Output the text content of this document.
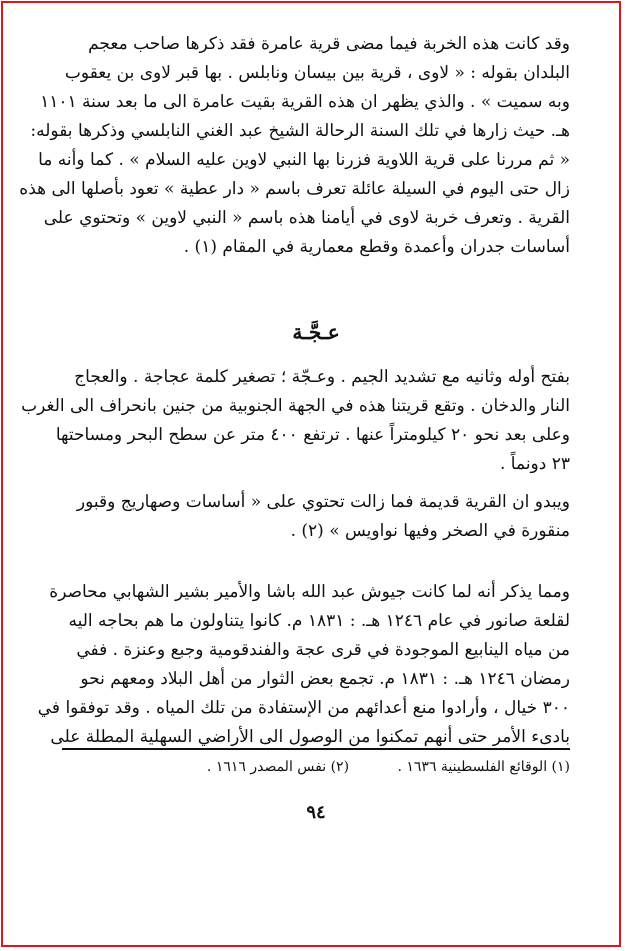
وقد كانت هذه الخربة فيما مضى قرية عامرة فقد ذكرها صاحب معجم
البلدان بقوله : « لاوى ، قرية بين بيسان ونابلس . بها قبر لاوى بن يعقوب
وبه سميت » . والذي يظهر ان هذه القرية بقيت عامرة الى ما بعد سنة ١١٠١
هـ. حيث زارها في تلك السنة الرحالة الشيخ عبد الغني النابلسي وذكرها بقوله:
« ثم مررنا على قرية اللاوية فزرنا بها النبي لاوين عليه السلام » . كما وأنه ما
زال حتى اليوم في السيلة عائلة تعرف باسم « دار عطية » تعود بأصلها الى هذه
القرية . وتعرف خربة لاوى في أيامنا هذه باسم « النبي لاوين » وتحتوي على
أساسات جدران وأعمدة وقطع معمارية في المقام (١) .
عـجَّـة
بفتح أوله وثانيه مع تشديد الجيم . وعـجّة ؛ تصغير كلمة عجاجة . والعجاج
النار والدخان . وتقع قريتنا هذه في الجهة الجنوبية من جنين بانحراف الى الغرب
وعلى بعد نحو ٢٠ كيلومتراً عنها . ترتفع ٤٠٠ متر عن سطح البحر ومساحتها
٢٣ دونماً .
ويبدو ان القرية قديمة فما زالت تحتوي على « أساسات وصهاريج وقبور
منقورة في الصخر وفيها نواويس » (٢) .
ومما يذكر أنه لما كانت جيوش عبد الله باشا والأمير بشير الشهابي محاصرة
لقلعة صانور في عام ١٢٤٦ هـ. : ١٨٣١ م. كانوا يتناولون ما هم بحاجه اليه
من مياه الينابيع الموجودة في قرى عجة والفندقومية وجبع وعنزة . ففي
رمضان ١٢٤٦ هـ. : ١٨٣١ م. تجمع بعض الثوار من أهل البلاد ومعهم نحو
٣٠٠ خيال ، وأرادوا منع أعدائهم من الإستفادة من تلك المياه . وقد توفقوا في
بادىء الأمر حتى أنهم تمكنوا من الوصول الى الأراضي السهلية المطلة على
(١) الوقائع الفلسطينية ١٦٣٦ . (٢) نفس المصدر ١٦١٦ .
٩٤
